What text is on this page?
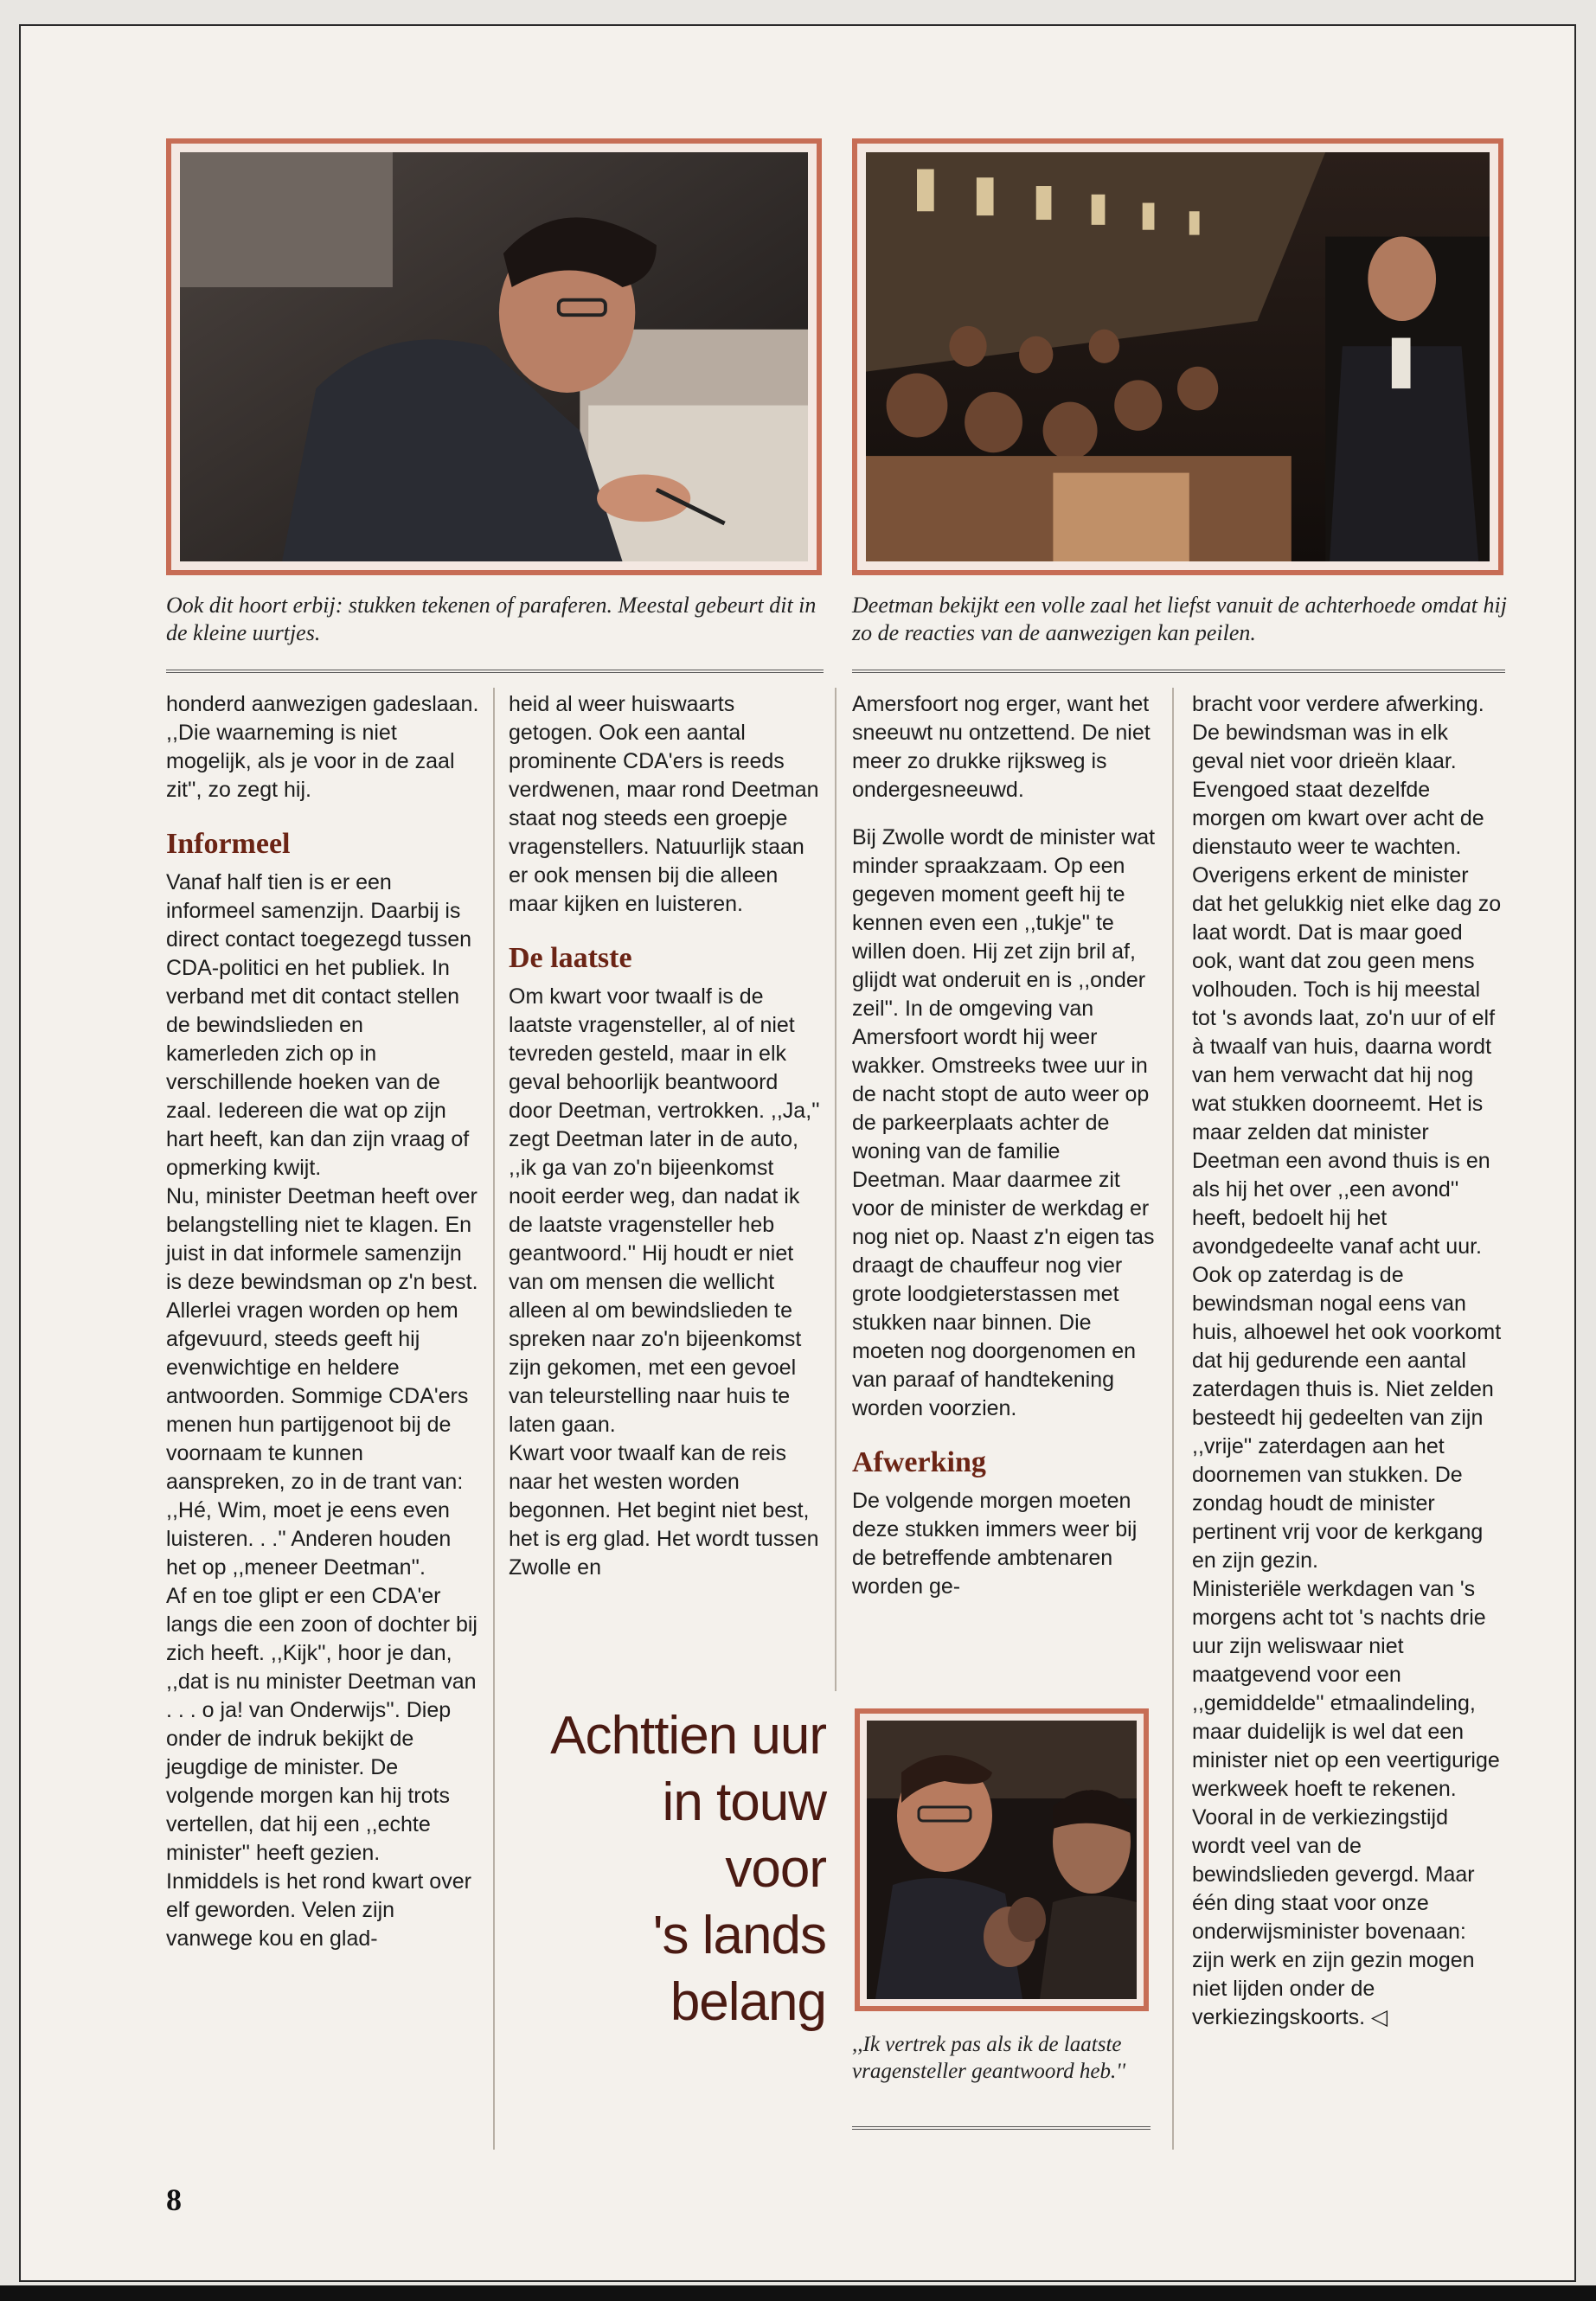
Ook dit hoort erbij: stukken tekenen of paraferen. Meestal gebeurt dit in de kleine uurtjes.
Deetman bekijkt een volle zaal het liefst vanuit de achterhoede omdat hij zo de reacties van de aanwezigen kan peilen.

honderd aanwezigen gadeslaan. ,,Die waarneming is niet mogelijk, als je voor in de zaal zit'', zo zegt hij.

Informeel

Vanaf half tien is er een informeel samenzijn. Daarbij is direct contact toegezegd tussen CDA-politici en het publiek. In verband met dit contact stellen de bewindslieden en kamerleden zich op in verschillende hoeken van de zaal. Iedereen die wat op zijn hart heeft, kan dan zijn vraag of opmerking kwijt.

Nu, minister Deetman heeft over belangstelling niet te klagen. En juist in dat informele samenzijn is deze bewindsman op z'n best. Allerlei vragen worden op hem afgevuurd, steeds geeft hij evenwichtige en heldere antwoorden. Sommige CDA'ers menen hun partijgenoot bij de voornaam te kunnen aanspreken, zo in de trant van: ,,Hé, Wim, moet je eens even luisteren. . .'' Anderen houden het op ,,meneer Deetman''.

Af en toe glipt er een CDA'er langs die een zoon of dochter bij zich heeft. ,,Kijk'', hoor je dan, ,,dat is nu minister Deetman van . . . o ja! van Onderwijs''. Diep onder de indruk bekijkt de jeugdige de minister. De volgende morgen kan hij trots vertellen, dat hij een ,,echte minister'' heeft gezien.

Inmiddels is het rond kwart over elf geworden. Velen zijn vanwege kou en glad-

heid al weer huiswaarts getogen. Ook een aantal prominente CDA'ers is reeds verdwenen, maar rond Deetman staat nog steeds een groepje vragenstellers. Natuurlijk staan er ook mensen bij die alleen maar kijken en luisteren.

De laatste

Om kwart voor twaalf is de laatste vragensteller, al of niet tevreden gesteld, maar in elk geval behoorlijk beantwoord door Deetman, vertrokken. ,,Ja,'' zegt Deetman later in de auto, ,,ik ga van zo'n bijeenkomst nooit eerder weg, dan nadat ik de laatste vragensteller heb geantwoord.'' Hij houdt er niet van om mensen die wellicht alleen al om bewindslieden te spreken naar zo'n bijeenkomst zijn gekomen, met een gevoel van teleurstelling naar huis te laten gaan.

Kwart voor twaalf kan de reis naar het westen worden begonnen. Het begint niet best, het is erg glad. Het wordt tussen Zwolle en

Amersfoort nog erger, want het sneeuwt nu ontzettend. De niet meer zo drukke rijksweg is ondergesneeuwd.

Bij Zwolle wordt de minister wat minder spraakzaam. Op een gegeven moment geeft hij te kennen even een ,,tukje'' te willen doen. Hij zet zijn bril af, glijdt wat onderuit en is ,,onder zeil''. In de omgeving van Amersfoort wordt hij weer wakker. Omstreeks twee uur in de nacht stopt de auto weer op de parkeerplaats achter de woning van de familie Deetman. Maar daarmee zit voor de minister de werkdag er nog niet op. Naast z'n eigen tas draagt de chauffeur nog vier grote loodgieterstassen met stukken naar binnen. Die moeten nog doorgenomen en van paraaf of handtekening worden voorzien.

Afwerking

De volgende morgen moeten deze stukken immers weer bij de betreffende ambtenaren worden ge-

bracht voor verdere afwerking. De bewindsman was in elk geval niet voor drieën klaar. Evengoed staat dezelfde morgen om kwart over acht de dienstauto weer te wachten.

Overigens erkent de minister dat het gelukkig niet elke dag zo laat wordt. Dat is maar goed ook, want dat zou geen mens volhouden. Toch is hij meestal tot 's avonds laat, zo'n uur of elf à twaalf van huis, daarna wordt van hem verwacht dat hij nog wat stukken doorneemt. Het is maar zelden dat minister Deetman een avond thuis is en als hij het over ,,een avond'' heeft, bedoelt hij het avondgedeelte vanaf acht uur.

Ook op zaterdag is de bewindsman nogal eens van huis, alhoewel het ook voorkomt dat hij gedurende een aantal zaterdagen thuis is. Niet zelden besteedt hij gedeelten van zijn ,,vrije'' zaterdagen aan het doornemen van stukken. De zondag houdt de minister pertinent vrij voor de kerkgang en zijn gezin.

Ministeriële werkdagen van 's morgens acht tot 's nachts drie uur zijn weliswaar niet maatgevend voor een ,,gemiddelde'' etmaalindeling, maar duidelijk is wel dat een minister niet op een veertigurige werkweek hoeft te rekenen. Vooral in de verkiezingstijd wordt veel van de bewindslieden gevergd. Maar één ding staat voor onze onderwijsminister bovenaan: zijn werk en zijn gezin mogen niet lijden onder de verkiezingskoorts. ◁

Achttien uur
in touw
voor
's lands
belang
,,Ik vertrek pas als ik de laatste vragensteller geantwoord heb.''
8
